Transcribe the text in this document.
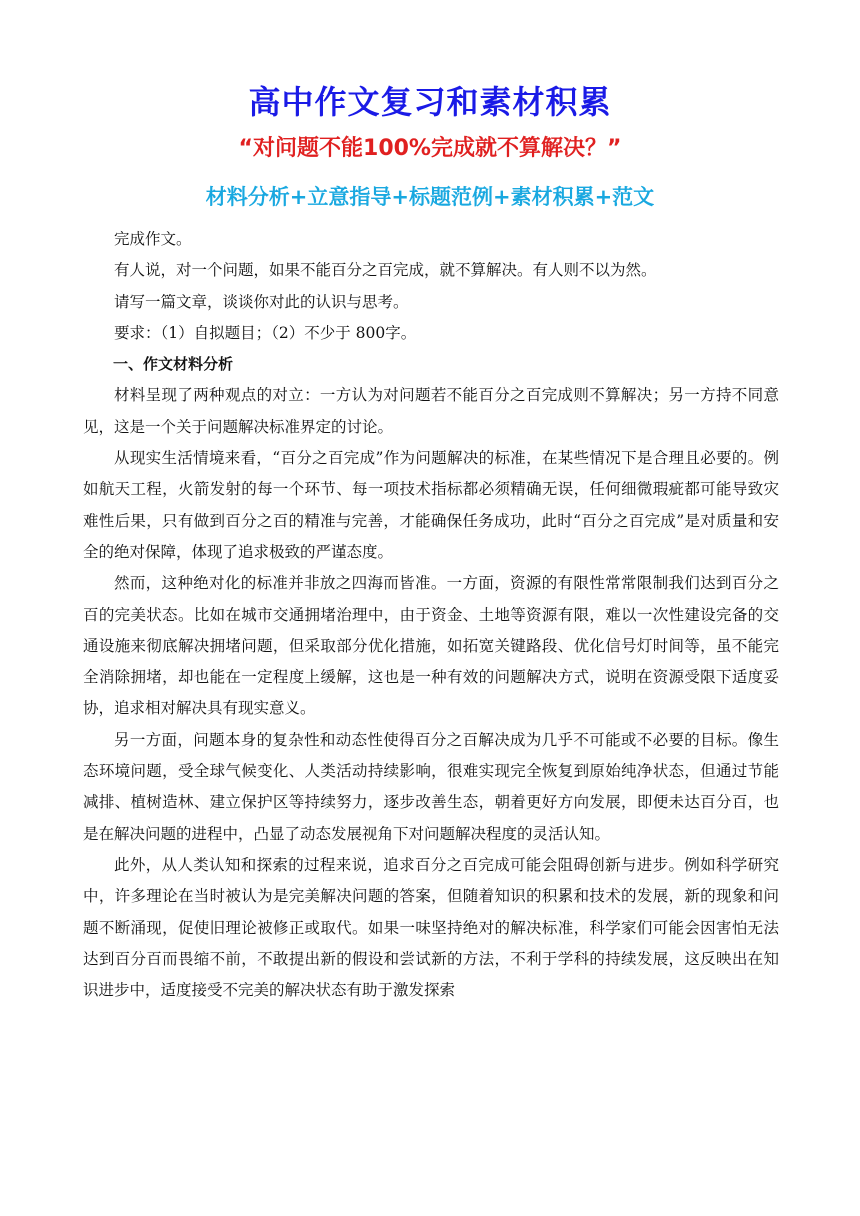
高中作文复习和素材积累
“对问题不能100%完成就不算解决？”
材料分析+立意指导+标题范例+素材积累+范文

完成作文。

有人说，对一个问题，如果不能百分之百完成，就不算解决。有人则不以为然。

请写一篇文章，谈谈你对此的认识与思考。

要求：（1）自拟题目；（2）不少于 800字。

一、作文材料分析

材料呈现了两种观点的对立：一方认为对问题若不能百分之百完成则不算解决；另一方持不同意见，这是一个关于问题解决标准界定的讨论。

从现实生活情境来看，“百分之百完成”作为问题解决的标准，在某些情况下是合理且必要的。例如航天工程，火箭发射的每一个环节、每一项技术指标都必须精确无误，任何细微瑕疵都可能导致灾难性后果，只有做到百分之百的精准与完善，才能确保任务成功，此时“百分之百完成”是对质量和安全的绝对保障，体现了追求极致的严谨态度。

然而，这种绝对化的标准并非放之四海而皆准。一方面，资源的有限性常常限制我们达到百分之百的完美状态。比如在城市交通拥堵治理中，由于资金、土地等资源有限，难以一次性建设完备的交通设施来彻底解决拥堵问题，但采取部分优化措施，如拓宽关键路段、优化信号灯时间等，虽不能完全消除拥堵，却也能在一定程度上缓解，这也是一种有效的问题解决方式，说明在资源受限下适度妥协，追求相对解决具有现实意义。

另一方面，问题本身的复杂性和动态性使得百分之百解决成为几乎不可能或不必要的目标。像生态环境问题，受全球气候变化、人类活动持续影响，很难实现完全恢复到原始纯净状态，但通过节能减排、植树造林、建立保护区等持续努力，逐步改善生态，朝着更好方向发展，即便未达百分百，也是在解决问题的进程中，凸显了动态发展视角下对问题解决程度的灵活认知。

此外，从人类认知和探索的过程来说，追求百分之百完成可能会阻碍创新与进步。例如科学研究中，许多理论在当时被认为是完美解决问题的答案，但随着知识的积累和技术的发展，新的现象和问题不断涌现，促使旧理论被修正或取代。如果一味坚持绝对的解决标准，科学家们可能会因害怕无法达到百分百而畏缩不前，不敢提出新的假设和尝试新的方法，不利于学科的持续发展，这反映出在知识进步中，适度接受不完美的解决状态有助于激发探索
